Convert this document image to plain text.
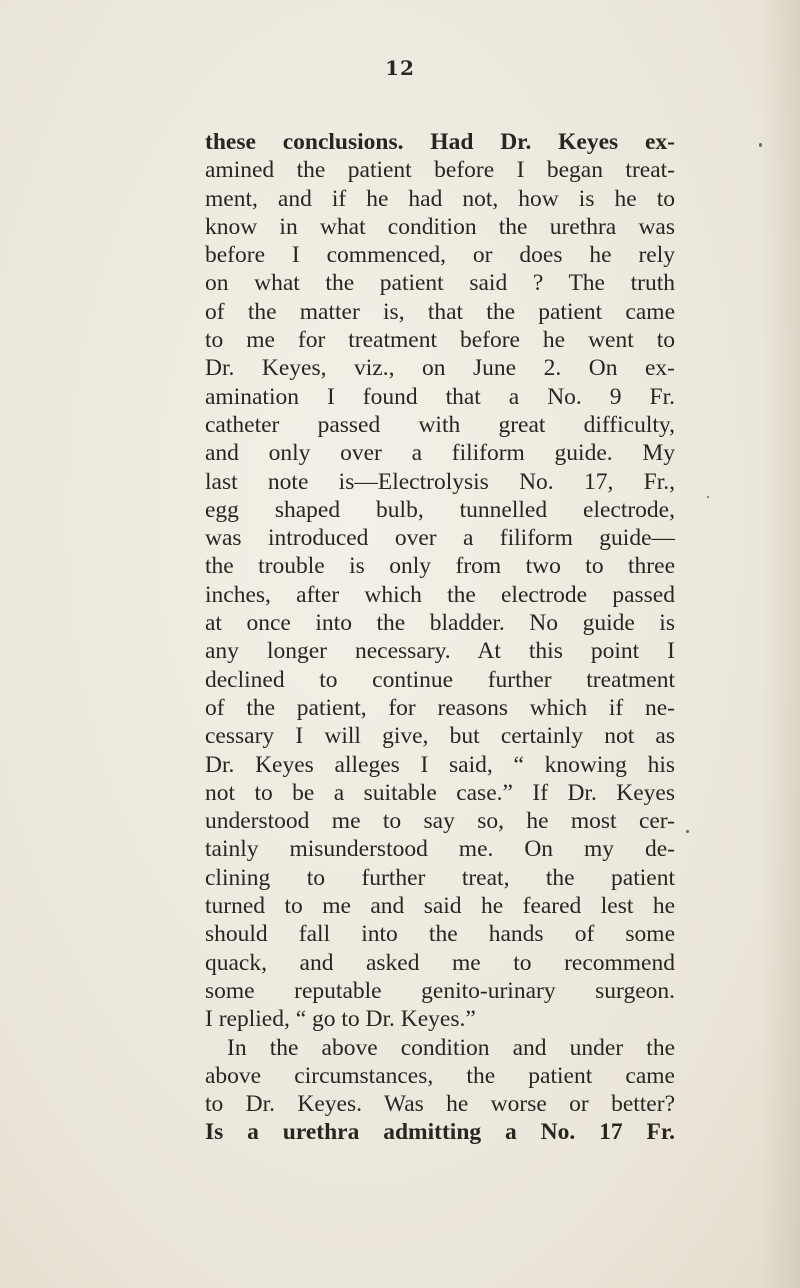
12
these conclusions. Had Dr. Keyes ex-
amined the patient before I began treat-
ment, and if he had not, how is he to
know in what condition the urethra was
before I commenced, or does he rely
on what the patient said ? The truth
of the matter is, that the patient came
to me for treatment before he went to
Dr. Keyes, viz., on June 2. On ex-
amination I found that a No. 9 Fr.
catheter passed with great difficulty,
and only over a filiform guide. My
last note is—Electrolysis No. 17, Fr.,
egg shaped bulb, tunnelled electrode,
was introduced over a filiform guide—
the trouble is only from two to three
inches, after which the electrode passed
at once into the bladder. No guide is
any longer necessary. At this point I
declined to continue further treatment
of the patient, for reasons which if ne-
cessary I will give, but certainly not as
Dr. Keyes alleges I said, “ knowing his
not to be a suitable case.” If Dr. Keyes
understood me to say so, he most cer-
tainly misunderstood me. On my de-
clining to further treat, the patient
turned to me and said he feared lest he
should fall into the hands of some
quack, and asked me to recommend
some reputable genito-urinary surgeon.
I replied, “ go to Dr. Keyes.”
In the above condition and under the
above circumstances, the patient came
to Dr. Keyes. Was he worse or better?
Is a urethra admitting a No. 17 Fr.
